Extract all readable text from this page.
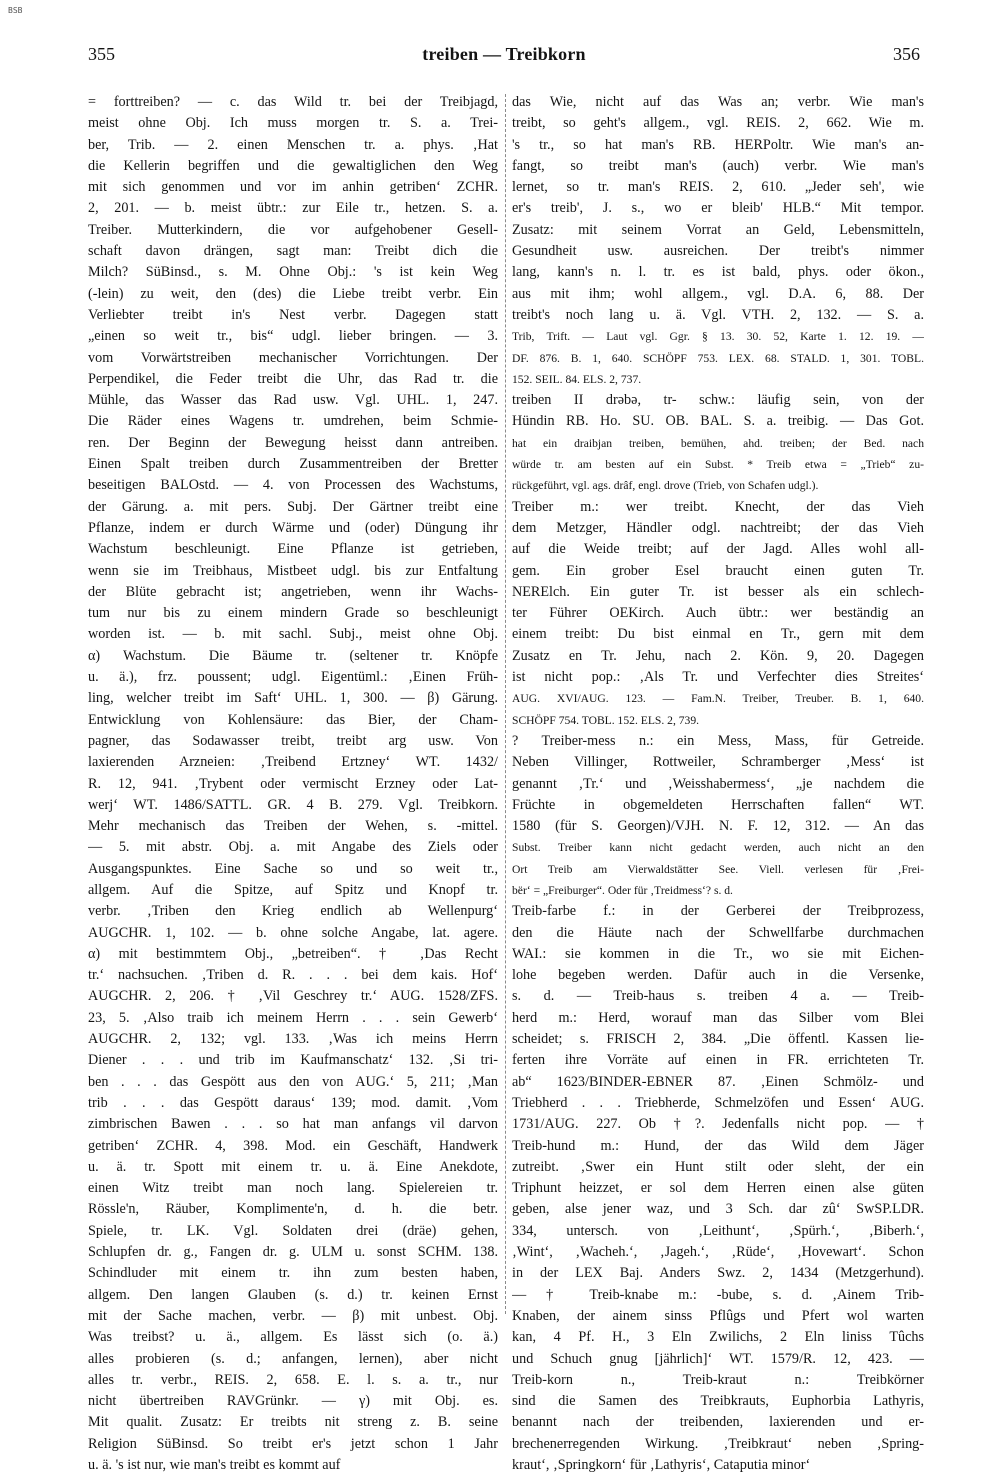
BSB
355	treiben — Treibkorn	356
= forttreiben? — c. das Wild tr. bei der Treibjagd,
meist ohne Obj. Ich muss morgen tr. S. a. Trei-
ber, Trib. — 2. einen Menschen tr. a. phys. ‚Hat
die Kellerin begriffen und die gewaltiglichen den Weg
mit sich genommen und vor im anhin getriben‘ ZCHR.
2, 201. — b. meist übtr.: zur Eile tr., hetzen. S. a.
Treiber. Mutterkindern, die vor aufgehobener Gesell-
schaft davon drängen, sagt man: Treibt dich die
Milch? SüBinsd., s. M. Ohne Obj.: 's ist kein Weg
(-lein) zu weit, den (des) die Liebe treibt verbr. Ein
Verliebter treibt in's Nest verbr. Dagegen statt
„einen so weit tr., bis“ udgl. lieber bringen. — 3.
vom Vorwärtstreiben mechanischer Vorrichtungen. Der
Perpendikel, die Feder treibt die Uhr, das Rad tr. die
Mühle, das Wasser das Rad usw. Vgl. UHL. 1, 247.
Die Räder eines Wagens tr. umdrehen, beim Schmie-
ren. Der Beginn der Bewegung heisst dann antreiben.
Einen Spalt treiben durch Zusammentreiben der Bretter
beseitigen BALOstd. — 4. von Processen des Wachstums,
der Gärung. a. mit pers. Subj. Der Gärtner treibt eine
Pflanze, indem er durch Wärme und (oder) Düngung ihr
Wachstum beschleunigt. Eine Pflanze ist getrieben,
wenn sie im Treibhaus, Mistbeet udgl. bis zur Entfaltung
der Blüte gebracht ist; angetrieben, wenn ihr Wachs-
tum nur bis zu einem mindern Grade so beschleunigt
worden ist. — b. mit sachl. Subj., meist ohne Obj.
α) Wachstum. Die Bäume tr. (seltener tr. Knöpfe
u. ä.), frz. poussent; udgl. Eigentüml.: ‚Einen Früh-
ling, welcher treibt im Saft‘ UHL. 1, 300. — β) Gärung.
Entwicklung von Kohlensäure: das Bier, der Cham-
pagner, das Sodawasser treibt, treibt arg usw. Von
laxierenden Arzneien: ‚Treibend Ertzney‘ WT. 1432/
R. 12, 941. ‚Trybent oder vermischt Erzney oder Lat-
werj‘ WT. 1486/SATTL. GR. 4 B. 279. Vgl. Treibkorn.
Mehr mechanisch das Treiben der Wehen, s. -mittel.
— 5. mit abstr. Obj. a. mit Angabe des Ziels oder
Ausgangspunktes. Eine Sache so und so weit tr.,
allgem. Auf die Spitze, auf Spitz und Knopf tr.
verbr. ‚Triben den Krieg endlich ab Wellenpurg‘
AUGCHR. 1, 102. — b. ohne solche Angabe, lat. agere.
α) mit bestimmtem Obj., „betreiben“. † ‚Das Recht
tr.‘ nachsuchen. ‚Triben d. R. . . . bei dem kais. Hof‘
AUGCHR. 2, 206. † ‚Vil Geschrey tr.‘ AUG. 1528/ZFS.
23, 5. ‚Also traib ich meinem Herrn . . . sein Gewerb‘
AUGCHR. 2, 132; vgl. 133. ‚Was ich meins Herrn
Diener . . . und trib im Kaufmanschatz‘ 132. ‚Si tri-
ben . . . das Gespött aus den von AUG.‘ 5, 211; ‚Man
trib . . . das Gespött daraus‘ 139; mod. damit. ‚Vom
zimbrischen Bawen . . . so hat man anfangs vil darvon
getriben‘ ZCHR. 4, 398. Mod. ein Geschäft, Handwerk
u. ä. tr. Spott mit einem tr. u. ä. Eine Anekdote,
einen Witz treibt man noch lang. Spielereien tr.
Rössle'n, Räuber, Komplimente'n, d. h. die betr.
Spiele, tr. LK. Vgl. Soldaten drei (dräe) gehen,
Schlupfen dr. g., Fangen dr. g. ULM u. sonst SCHM. 138.
Schindluder mit einem tr. ihn zum besten haben,
allgem. Den langen Glauben (s. d.) tr. keinen Ernst
mit der Sache machen, verbr. — β) mit unbest. Obj.
Was treibst? u. ä., allgem. Es lässt sich (o. ä.)
alles probieren (s. d.; anfangen, lernen), aber nicht
alles tr. verbr., REIS. 2, 658. E. l. s. a. tr., nur
nicht übertreiben RAVGrünkr. — γ) mit Obj. es.
Mit qualit. Zusatz: Er treibts nit streng z. B. seine
Religion SüBinsd. So treibt er's jetzt schon 1 Jahr
u. ä. 's ist nur, wie man's treibt es kommt auf
das Wie, nicht auf das Was an; verbr. Wie man's
treibt, so geht's allgem., vgl. REIS. 2, 662. Wie m.
's tr., so hat man's RB. HERPoltr. Wie man's an-
fangt, so treibt man's (auch) verbr. Wie man's
lernet, so tr. man's REIS. 2, 610. „Jeder seh', wie
er's treib', J. s., wo er bleib' HLB.“ Mit tempor.
Zusatz: mit seinem Vorrat an Geld, Lebensmitteln,
Gesundheit usw. ausreichen. Der treibt's nimmer
lang, kann's n. l. tr. es ist bald, phys. oder ökon.,
aus mit ihm; wohl allgem., vgl. D.A. 6, 88. Der
treibt's noch lang u. ä. Vgl. VTH. 2, 132. — S. a.
Trib, Trift. — Laut vgl. Ggr. § 13. 30. 52, Karte 1. 12. 19. —
DF. 876. B. 1, 640. SCHÖPF 753. LEX. 68. STALD. 1, 301. TOBL.
152. SEIL. 84. ELS. 2, 737.
treiben II drəbə, tr- schw.: läufig sein, von der
Hündin RB. Ho. SU. OB. BAL. S. a. treibig. — Das Got.
hat ein draibjan treiben, bemühen, ahd. treiben; der Bed. nach
würde tr. am besten auf ein Subst. * Treib etwa = „Trieb“ zu-
rückgeführt, vgl. ags. drâf, engl. drove (Trieb, von Schafen udgl.).
Treiber m.: wer treibt. Knecht, der das Vieh
dem Metzger, Händler odgl. nachtreibt; der das Vieh
auf die Weide treibt; auf der Jagd. Alles wohl all-
gem. Ein grober Esel braucht einen guten Tr.
NERElch. Ein guter Tr. ist besser als ein schlech-
ter Führer OEKirch. Auch übtr.: wer beständig an
einem treibt: Du bist einmal en Tr., gern mit dem
Zusatz en Tr. Jehu, nach 2. Kön. 9, 20. Dagegen
ist nicht pop.: ‚Als Tr. und Verfechter dies Streites‘
AUG. XVI/AUG. 123. — Fam.N. Treiber, Treuber. B. 1, 640.
SCHÖPF 754. TOBL. 152. ELS. 2, 739.
? Treiber-mess n.: ein Mess, Mass, für Getreide.
Neben Villinger, Rottweiler, Schramberger ‚Mess‘ ist
genannt ‚Tr.‘ und ‚Weisshabermess‘, „je nachdem die
Früchte in obgemeldeten Herrschaften fallen“ WT.
1580 (für S. Georgen)/VJH. N. F. 12, 312. — An das
Subst. Treiber kann nicht gedacht werden, auch nicht an den
Ort Treib am Vierwaldstätter See. Viell. verlesen für ‚Frei-
bër‘ = „Freiburger“. Oder für ‚Treidmess‘? s. d.
Treib-farbe f.: in der Gerberei der Treibprozess,
den die Häute nach der Schwellfarbe durchmachen
WAI.: sie kommen in die Tr., wo sie mit Eichen-
lohe begeben werden. Dafür auch in die Versenke,
s. d. — Treib-haus s. treiben 4 a. — Treib-
herd m.: Herd, worauf man das Silber vom Blei
scheidet; s. FRISCH 2, 384. „Die öffentl. Kassen lie-
ferten ihre Vorräte auf einen in FR. errichteten Tr.
ab“ 1623/BINDER-EBNER 87. ‚Einen Schmölz- und
Triebherd . . . Triebherde, Schmelzöfen und Essen‘ AUG.
1731/AUG. 227. Ob †?. Jedenfalls nicht pop. — †
Treib-hund m.: Hund, der das Wild dem Jäger
zutreibt. ‚Swer ein Hunt stilt oder sleht, der ein
Triphunt heizzet, er sol dem Herren einen alse güten
geben, alse jener waz, und 3 Sch. dar zû‘ SwSP.LDR.
334, untersch. von ‚Leithunt‘, ‚Spürh.‘, ‚Biberh.‘,
‚Wint‘, ‚Wacheh.‘, ‚Jageh.‘, ‚Rüde‘, ‚Hovewart‘. Schon
in der LEX Baj. Anders Swz. 2, 1434 (Metzgerhund).
— † Treib-knabe m.: -bube, s. d. ‚Ainem Trib-
Knaben, der ainem sinss Pflûgs und Pfert wol warten
kan, 4 Pf. H., 3 Eln Zwilichs, 2 Eln liniss Tûchs
und Schuch gnug [jährlich]‘ WT. 1579/R. 12, 423. —
Treib-korn n., Treib-kraut n.: Treibkörner
sind die Samen des Treibkrauts, Euphorbia Lathyris,
benannt nach der treibenden, laxierenden und er-
brechenerregenden Wirkung. ‚Treibkraut‘ neben ‚Spring-
kraut‘, ‚Springkorn‘ für ‚Lathyris‘, Cataputia minor‘
